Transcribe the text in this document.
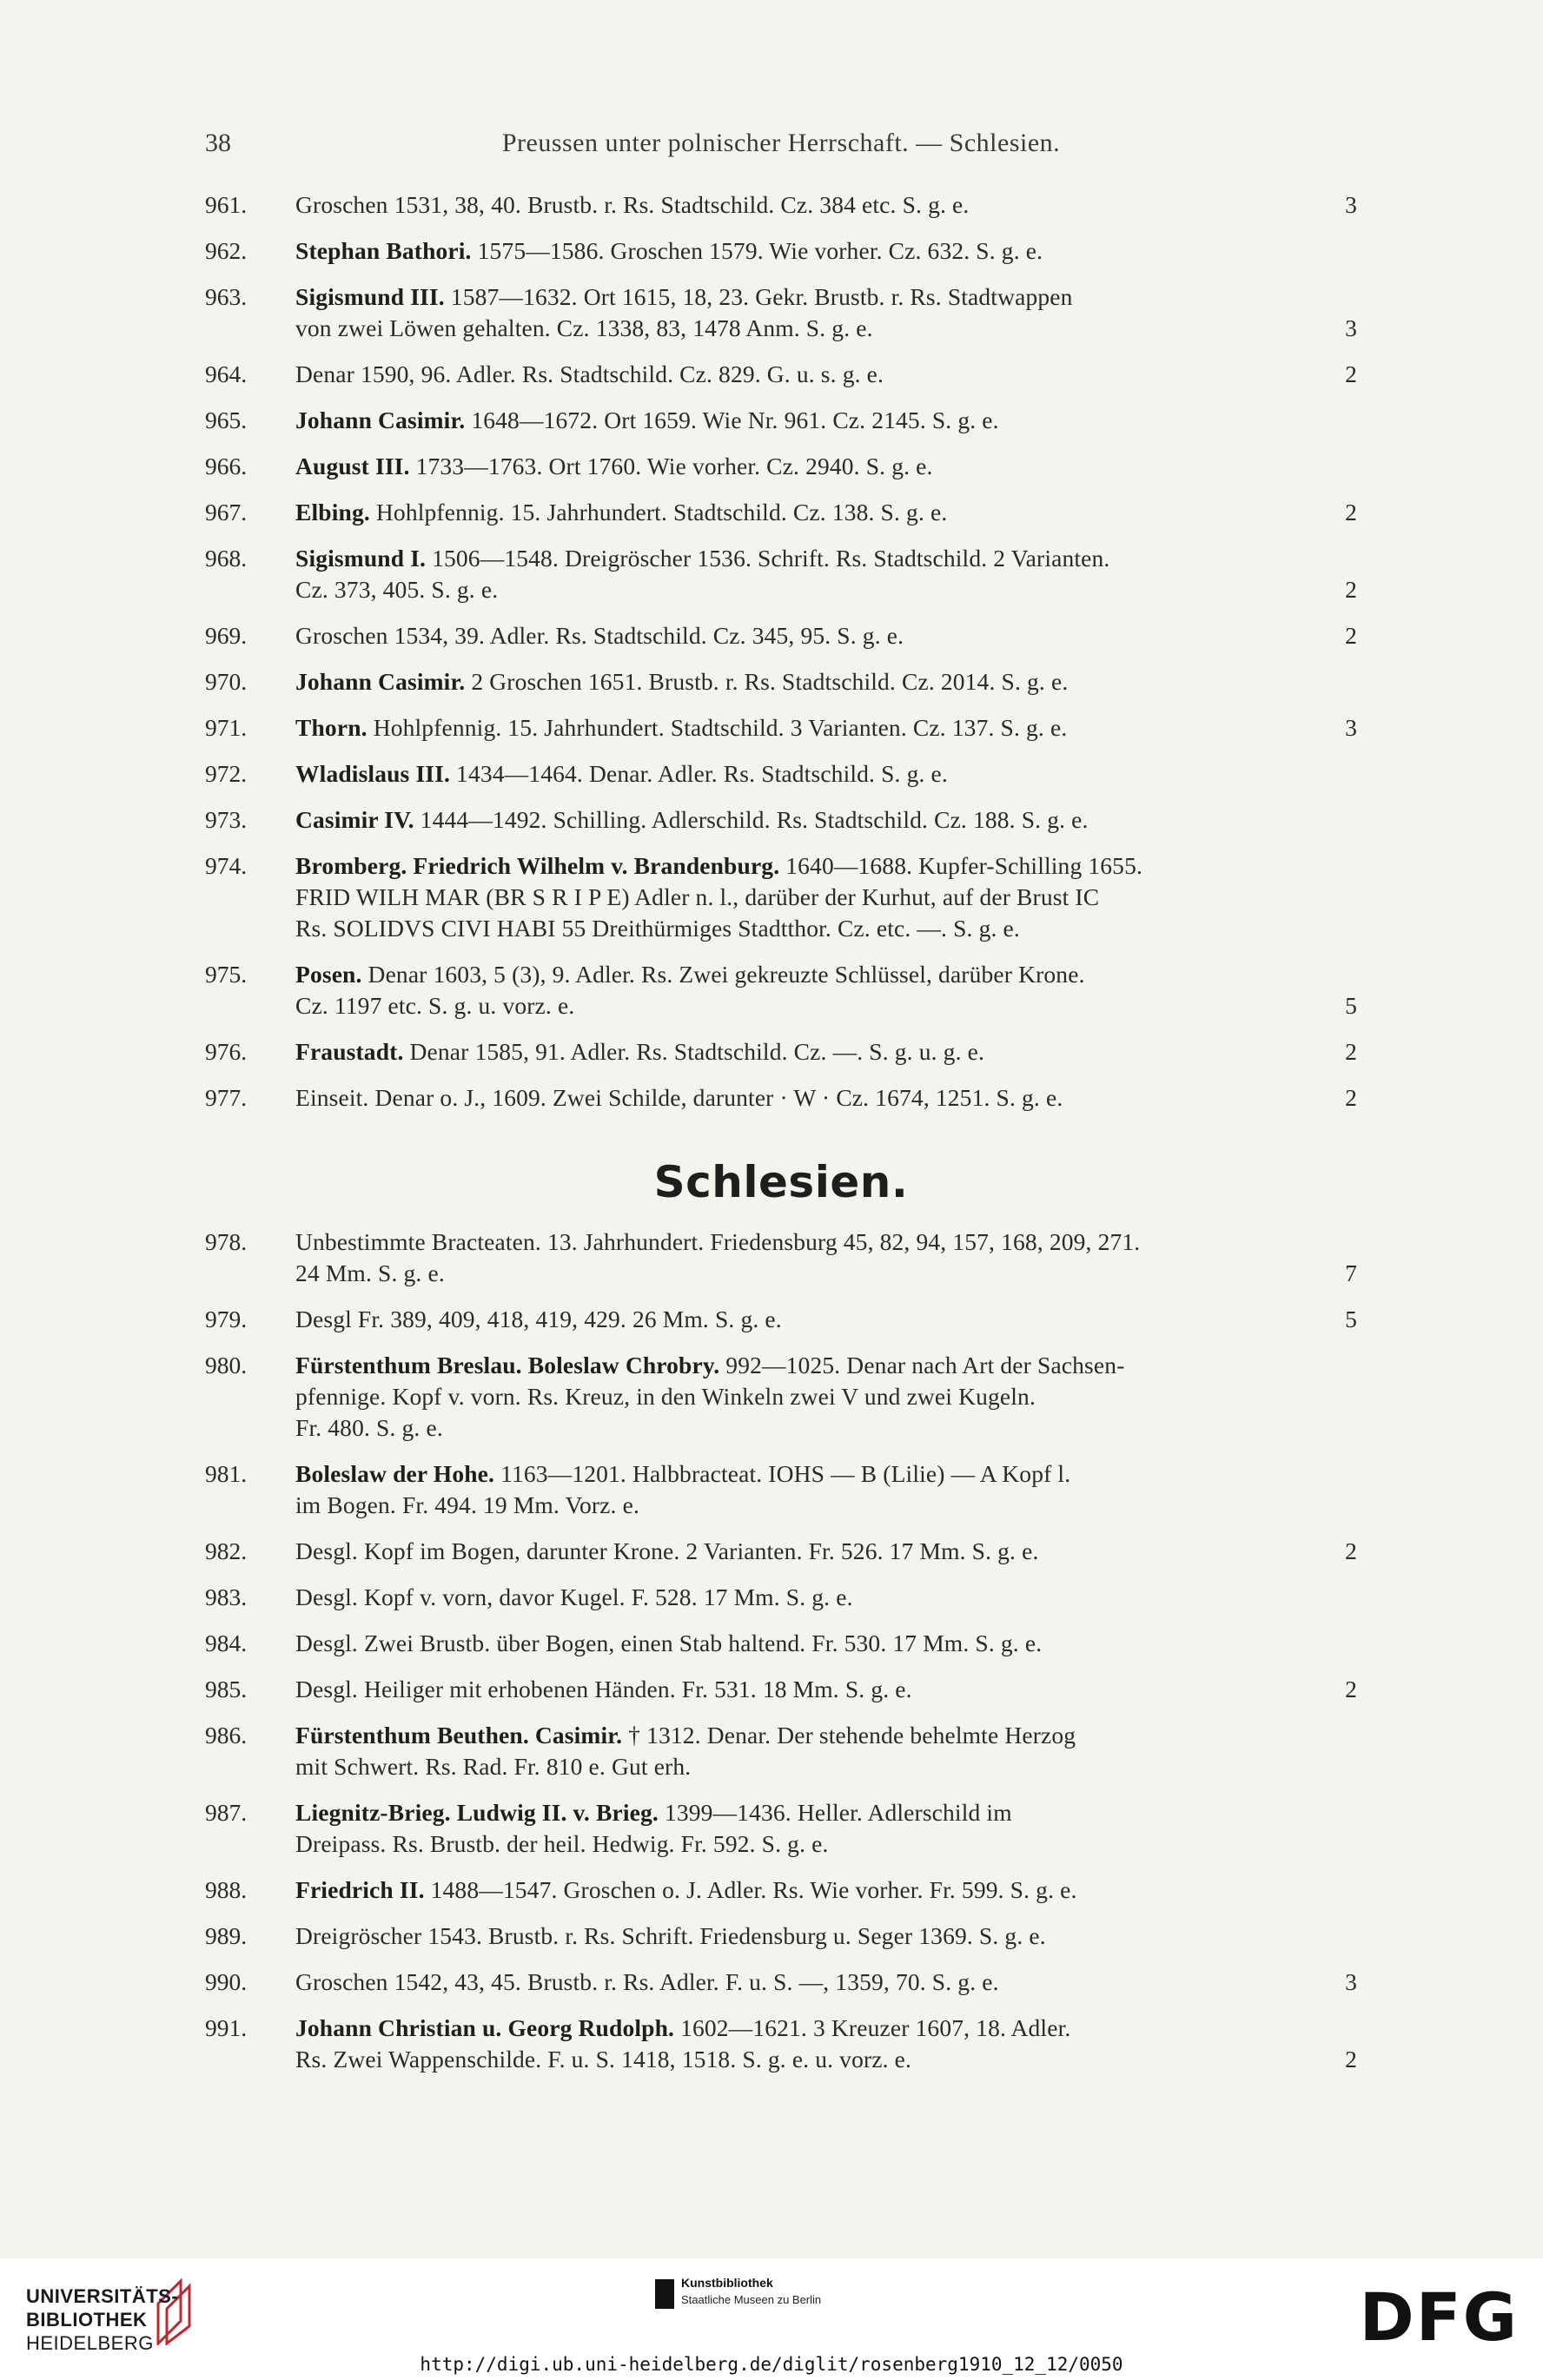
38	Preussen unter polnischer Herrschaft. — Schlesien.
961.	Groschen 1531, 38, 40. Brustb. r. Rs. Stadtschild. Cz. 384 etc. S. g. e.	3
962.	Stephan Bathori. 1575—1586. Groschen 1579. Wie vorher. Cz. 632. S. g. e.
963.	Sigismund III. 1587—1632. Ort 1615, 18, 23. Gekr. Brustb. r. Rs. Stadtwappen
von zwei Löwen gehalten. Cz. 1338, 83, 1478 Anm. S. g. e.	3
964.	Denar 1590, 96. Adler. Rs. Stadtschild. Cz. 829. G. u. s. g. e.	2
965.	Johann Casimir. 1648—1672. Ort 1659. Wie Nr. 961. Cz. 2145. S. g. e.
966.	August III. 1733—1763. Ort 1760. Wie vorher. Cz. 2940. S. g. e.
967.	Elbing. Hohlpfennig. 15. Jahrhundert. Stadtschild. Cz. 138. S. g. e.	2
968.	Sigismund I. 1506—1548. Dreigröscher 1536. Schrift. Rs. Stadtschild. 2 Varianten.
Cz. 373, 405. S. g. e.	2
969.	Groschen 1534, 39. Adler. Rs. Stadtschild. Cz. 345, 95. S. g. e.	2
970.	Johann Casimir. 2 Groschen 1651. Brustb. r. Rs. Stadtschild. Cz. 2014. S. g. e.
971.	Thorn. Hohlpfennig. 15. Jahrhundert. Stadtschild. 3 Varianten. Cz. 137. S. g. e.	3
972.	Wladislaus III. 1434—1464. Denar. Adler. Rs. Stadtschild. S. g. e.
973.	Casimir IV. 1444—1492. Schilling. Adlerschild. Rs. Stadtschild. Cz. 188. S. g. e.
974.	Bromberg. Friedrich Wilhelm v. Brandenburg. 1640—1688. Kupfer-Schilling 1655.
FRID WILH MAR (BR S R I P E) Adler n. l., darüber der Kurhut, auf der Brust IC
Rs. SOLIDVS CIVI HABI 55 Dreithürmiges Stadtthor. Cz. etc. —. S. g. e.
975.	Posen. Denar 1603, 5 (3), 9. Adler. Rs. Zwei gekreuzte Schlüssel, darüber Krone.
Cz. 1197 etc. S. g. u. vorz. e.	5
976.	Fraustadt. Denar 1585, 91. Adler. Rs. Stadtschild. Cz. —. S. g. u. g. e.	2
977.	Einseit. Denar o. J., 1609. Zwei Schilde, darunter · W · Cz. 1674, 1251. S. g. e.	2
Schlesien.
978.	Unbestimmte Bracteaten. 13. Jahrhundert. Friedensburg 45, 82, 94, 157, 168, 209, 271.
24 Mm. S. g. e.	7
979.	Desgl Fr. 389, 409, 418, 419, 429. 26 Mm. S. g. e.	5
980.	Fürstenthum Breslau. Boleslaw Chrobry. 992—1025. Denar nach Art der Sachsen-
pfennige. Kopf v. vorn. Rs. Kreuz, in den Winkeln zwei V und zwei Kugeln.
Fr. 480. S. g. e.
981.	Boleslaw der Hohe. 1163—1201. Halbbracteat. IOHS — B (Lilie) — A Kopf l.
im Bogen. Fr. 494. 19 Mm. Vorz. e.
982.	Desgl. Kopf im Bogen, darunter Krone. 2 Varianten. Fr. 526. 17 Mm. S. g. e.	2
983.	Desgl. Kopf v. vorn, davor Kugel. F. 528. 17 Mm. S. g. e.
984.	Desgl. Zwei Brustb. über Bogen, einen Stab haltend. Fr. 530. 17 Mm. S. g. e.
985.	Desgl. Heiliger mit erhobenen Händen. Fr. 531. 18 Mm. S. g. e.	2
986.	Fürstenthum Beuthen. Casimir. † 1312. Denar. Der stehende behelmte Herzog
mit Schwert. Rs. Rad. Fr. 810 e. Gut erh.
987.	Liegnitz-Brieg. Ludwig II. v. Brieg. 1399—1436. Heller. Adlerschild im
Dreipass. Rs. Brustb. der heil. Hedwig. Fr. 592. S. g. e.
988.	Friedrich II. 1488—1547. Groschen o. J. Adler. Rs. Wie vorher. Fr. 599. S. g. e.
989.	Dreigröscher 1543. Brustb. r. Rs. Schrift. Friedensburg u. Seger 1369. S. g. e.
990.	Groschen 1542, 43, 45. Brustb. r. Rs. Adler. F. u. S. —, 1359, 70. S. g. e.	3
991.	Johann Christian u. Georg Rudolph. 1602—1621. 3 Kreuzer 1607, 18. Adler.
Rs. Zwei Wappenschilde. F. u. S. 1418, 1518. S. g. e. u. vorz. e.	2
UNIVERSITÄTS-
BIBLIOTHEK
HEIDELBERG
Kunstbibliothek
Staatliche Museen zu Berlin	DFG
http://digi.ub.uni-heidelberg.de/diglit/rosenberg1910_12_12/0050
